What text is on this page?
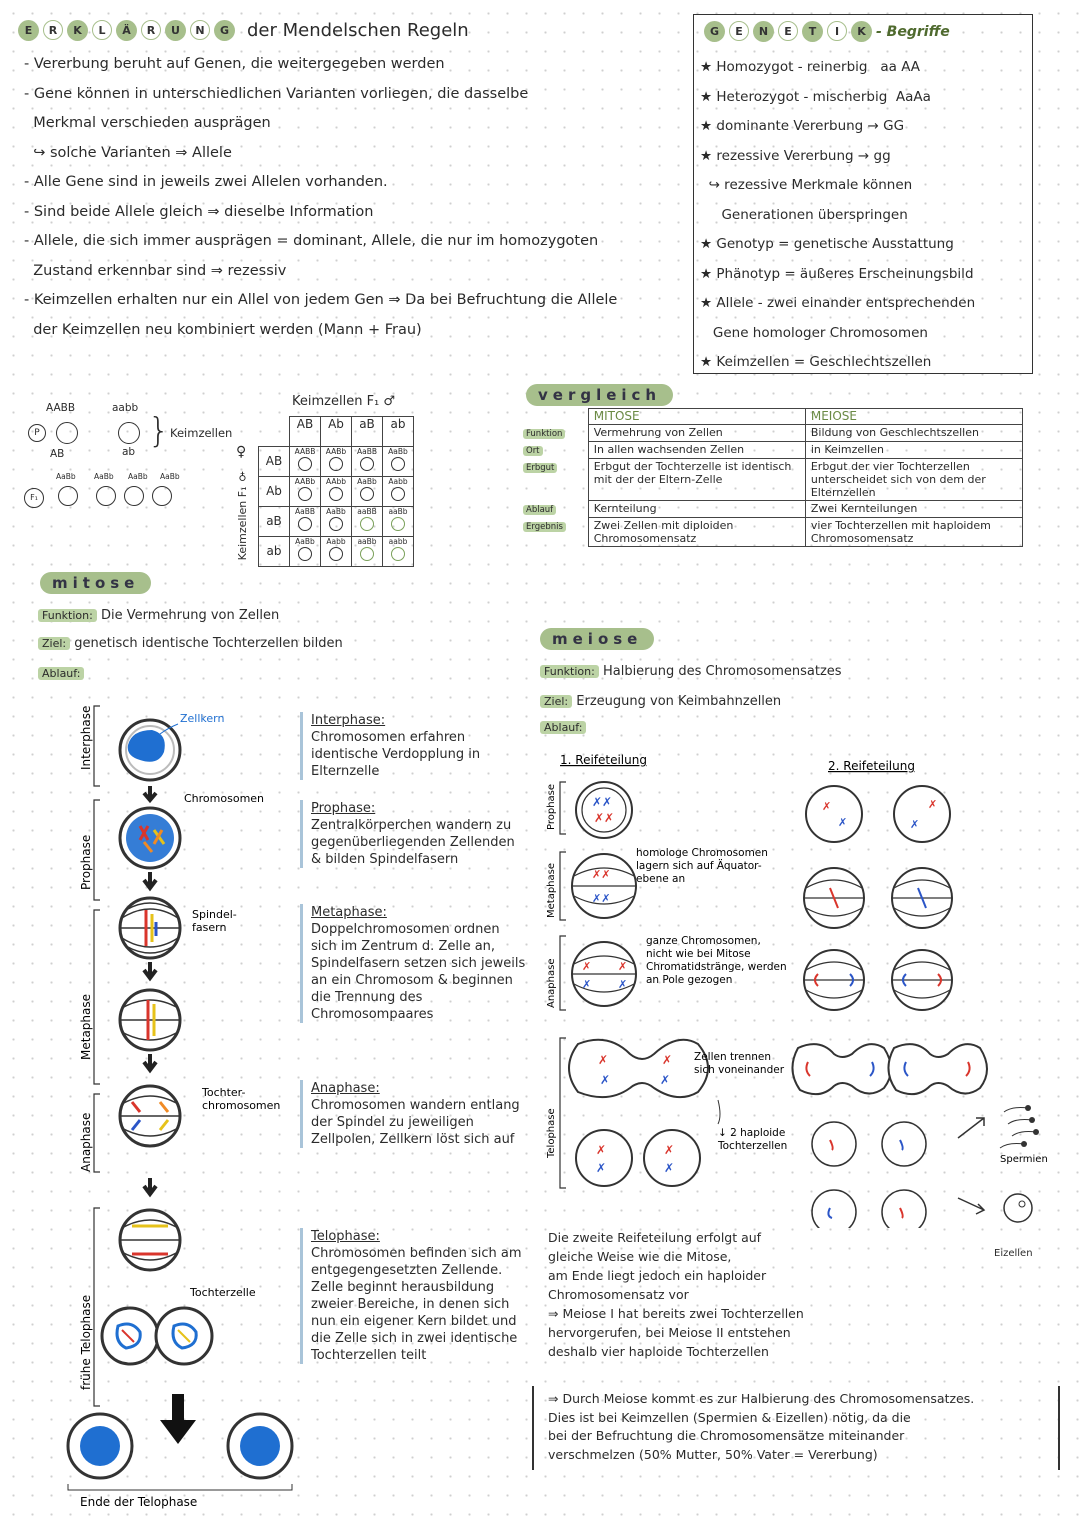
E	R	K	L	Ä	R	U	N	G der Mendelschen Regeln
- Vererbung beruht auf Genen, die weitergegeben werden
- Gene können in unterschiedlichen Varianten vorliegen, die dasselbe
Merkmal verschieden ausprägen
↪ solche Varianten ⇒ Allele
- Alle Gene sind in jeweils zwei Allelen vorhanden.
- Sind beide Allele gleich ⇒ dieselbe Information
- Allele, die sich immer ausprägen = dominant, Allele, die nur im homozygoten
Zustand erkennbar sind ⇒ rezessiv
- Keimzellen erhalten nur ein Allel von jedem Gen ⇒ Da bei Befruchtung die Allele
der Keimzellen neu kombiniert werden (Mann + Frau)
G	E	N	E	T	I	K - Begriffe
★ Homozygot - reinerbig   aa AA
★ Heterozygot - mischerbig  AaAa
★ dominante Vererbung → GG
★ rezessive Vererbung → gg
↪ rezessive Merkmale können
Generationen überspringen
★ Genotyp = genetische Ausstattung
★ Phänotyp = äußeres Erscheinungsbild
★ Allele - zwei einander entsprechenden
Gene homologer Chromosomen
★ Keimzellen = Geschlechtszellen
AABB	aabb
P	} Keimzellen
AB	ab
AaBb AaBb AaBb AaBb
F₁
Keimzellen F₁ ♂
Keimzellen F₁ ♀
	AB	Ab	aB	ab
AB	AABB	AABb	AaBB	AaBb

Ab	AABb	AAbb	AaBb	Aabb

aB	AaBB	AaBb	aaBB	aaBb

ab	AaBb	Aabb	aaBb	aabb
vergleich
	MITOSE	MEIOSE
Funktion	Vermehrung von Zellen	Bildung von Geschlechtszellen
Ort	In allen wachsenden Zellen	in Keimzellen
Erbgut	Erbgut der Tochterzelle ist identisch mit der der Eltern-Zelle	Erbgut der vier Tochterzellen unterscheidet sich von dem der Elternzellen
Ablauf	Kernteilung	Zwei Kernteilungen
Ergebnis	Zwei Zellen mit diploiden Chromosomensatz	vier Tochterzellen mit haploidem Chromosomensatz
mitose
Funktion: Die Vermehrung von Zellen
Ziel: genetisch identische Tochterzellen bilden
Ablauf:
Interphase
Prophase
Metaphase
Anaphase
frühe Telophase
Zellkern
Chromosomen
Spindel-fasern
Tochter-chromosomen
Tochterzelle
Ende der Telophase
Interphase:
Chromosomen erfahren identische Verdopplung in Elternzelle
Prophase:
Zentralkörperchen wandern zu gegenüberliegenden Zellenden & bilden Spindelfasern
Metaphase:
Doppelchromosomen ordnen sich im Zentrum d. Zelle an, Spindelfasern setzen sich jeweils an ein Chromosom & beginnen die Trennung des Chromosompaares
Anaphase:
Chromosomen wandern entlang der Spindel zu jeweiligen Zellpolen, Zellkern löst sich auf
Telophase:
Chromosomen befinden sich am entgegengesetzten Zellende. Zelle beginnt herausbildung zweier Bereiche, in denen sich nun ein eigener Kern bildet und die Zelle sich in zwei identische Tochterzellen teilt
meiose
Funktion: Halbierung des Chromosomensatzes
Ziel: Erzeugung von Keimbahnzellen
Ablauf:
1. Reifeteilung	2. Reifeteilung
Prophase
Metaphase
Anaphase
Telophase
✗✗
✗✗
✗✗
✗✗
homologe Chromosomen lagern sich auf Äquator-ebene an
✗ ✗
✗ ✗
ganze Chromosomen, nicht wie bei Mitose Chromatidstränge, werden an Pole gezogen
✗
✗
✗
✗
✗
✗
✗
✗
Zellen trennen sich voneinander
✗
✗
✗
✗
↓ 2 haploide Tochterzellen
Spermien
Eizellen
Die zweite Reifeteilung erfolgt auf
gleiche Weise wie die Mitose,
am Ende liegt jedoch ein haploider
Chromosomensatz vor
⇒ Meiose I hat bereits zwei Tochterzellen
hervorgerufen, bei Meiose II entstehen
deshalb vier haploide Tochterzellen
⇒ Durch Meiose kommt es zur Halbierung des Chromosomensatzes.
Dies ist bei Keimzellen (Spermien & Eizellen) nötig, da die
bei der Befruchtung die Chromosomensätze miteinander
verschmelzen (50% Mutter, 50% Vater = Vererbung)
♀
